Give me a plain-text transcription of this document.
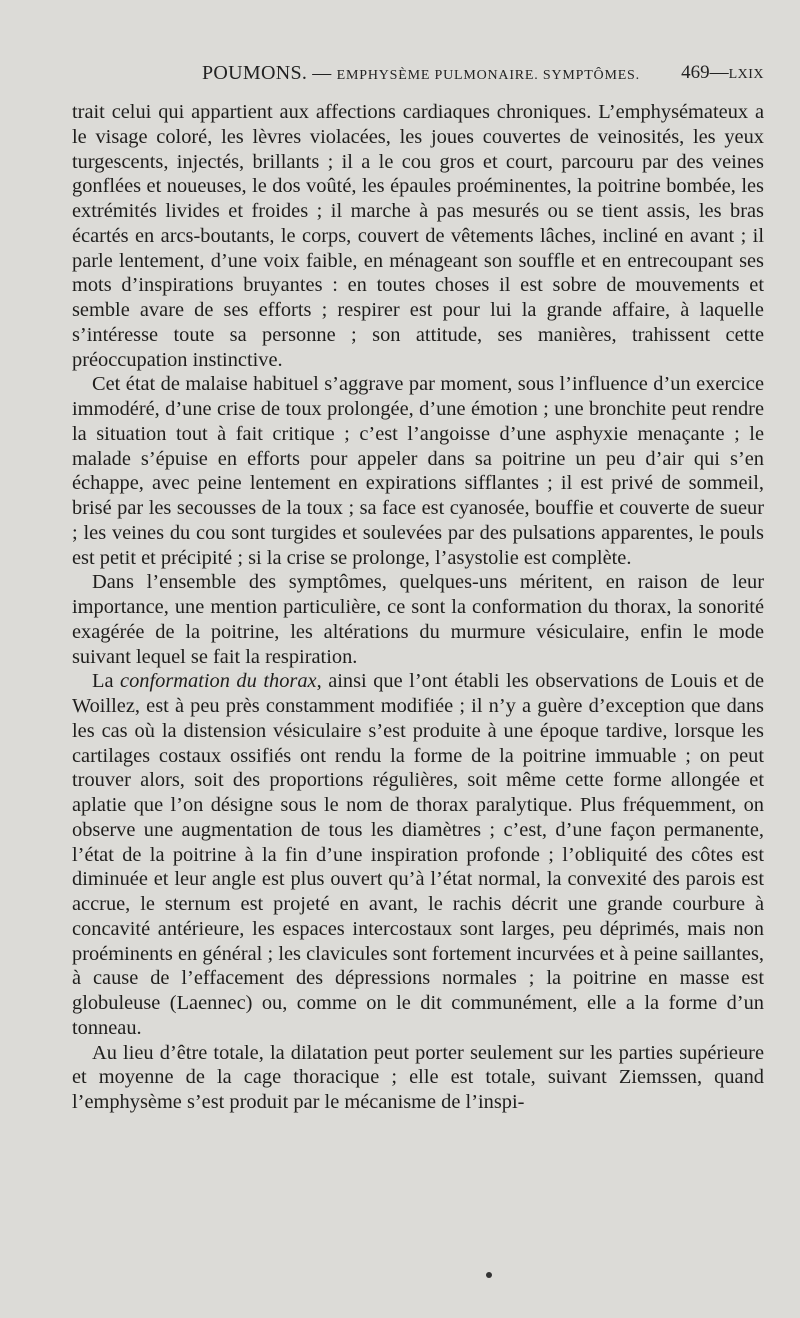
POUMONS. — EMPHYSÈME PULMONAIRE. SYMPTÔMES. 469—LXIX

trait celui qui appartient aux affections cardiaques chroniques. L’emphysémateux a le visage coloré, les lèvres violacées, les joues couvertes de veinosités, les yeux turgescents, injectés, brillants ; il a le cou gros et court, parcouru par des veines gonflées et noueuses, le dos voûté, les épaules proéminentes, la poitrine bombée, les extrémités livides et froides ; il marche à pas mesurés ou se tient assis, les bras écartés en arcs-boutants, le corps, couvert de vêtements lâches, incliné en avant ; il parle lentement, d’une voix faible, en ménageant son souffle et en entrecoupant ses mots d’inspirations bruyantes : en toutes choses il est sobre de mouvements et semble avare de ses efforts ; respirer est pour lui la grande affaire, à laquelle s’intéresse toute sa personne ; son attitude, ses manières, trahissent cette préoccupation instinctive.

Cet état de malaise habituel s’aggrave par moment, sous l’influence d’un exercice immodéré, d’une crise de toux prolongée, d’une émotion ; une bronchite peut rendre la situation tout à fait critique ; c’est l’angoisse d’une asphyxie menaçante ; le malade s’épuise en efforts pour appeler dans sa poitrine un peu d’air qui s’en échappe, avec peine lentement en expirations sifflantes ; il est privé de sommeil, brisé par les secousses de la toux ; sa face est cyanosée, bouffie et couverte de sueur ; les veines du cou sont turgides et soulevées par des pulsations apparentes, le pouls est petit et précipité ; si la crise se prolonge, l’asystolie est complète.

Dans l’ensemble des symptômes, quelques-uns méritent, en raison de leur importance, une mention particulière, ce sont la conformation du thorax, la sonorité exagérée de la poitrine, les altérations du murmure vésiculaire, enfin le mode suivant lequel se fait la respiration.

La conformation du thorax, ainsi que l’ont établi les observations de Louis et de Woillez, est à peu près constamment modifiée ; il n’y a guère d’exception que dans les cas où la distension vésiculaire s’est produite à une époque tardive, lorsque les cartilages costaux ossifiés ont rendu la forme de la poitrine immuable ; on peut trouver alors, soit des proportions régulières, soit même cette forme allongée et aplatie que l’on désigne sous le nom de thorax paralytique. Plus fréquemment, on observe une augmentation de tous les diamètres ; c’est, d’une façon permanente, l’état de la poitrine à la fin d’une inspiration profonde ; l’obliquité des côtes est diminuée et leur angle est plus ouvert qu’à l’état normal, la convexité des parois est accrue, le sternum est projeté en avant, le rachis décrit une grande courbure à concavité antérieure, les espaces intercostaux sont larges, peu déprimés, mais non proéminents en général ; les clavicules sont fortement incurvées et à peine saillantes, à cause de l’effacement des dépressions normales ; la poitrine en masse est globuleuse (Laennec) ou, comme on le dit communément, elle a la forme d’un tonneau.

Au lieu d’être totale, la dilatation peut porter seulement sur les parties supérieure et moyenne de la cage thoracique ; elle est totale, suivant Ziemssen, quand l’emphysème s’est produit par le mécanisme de l’inspi-
